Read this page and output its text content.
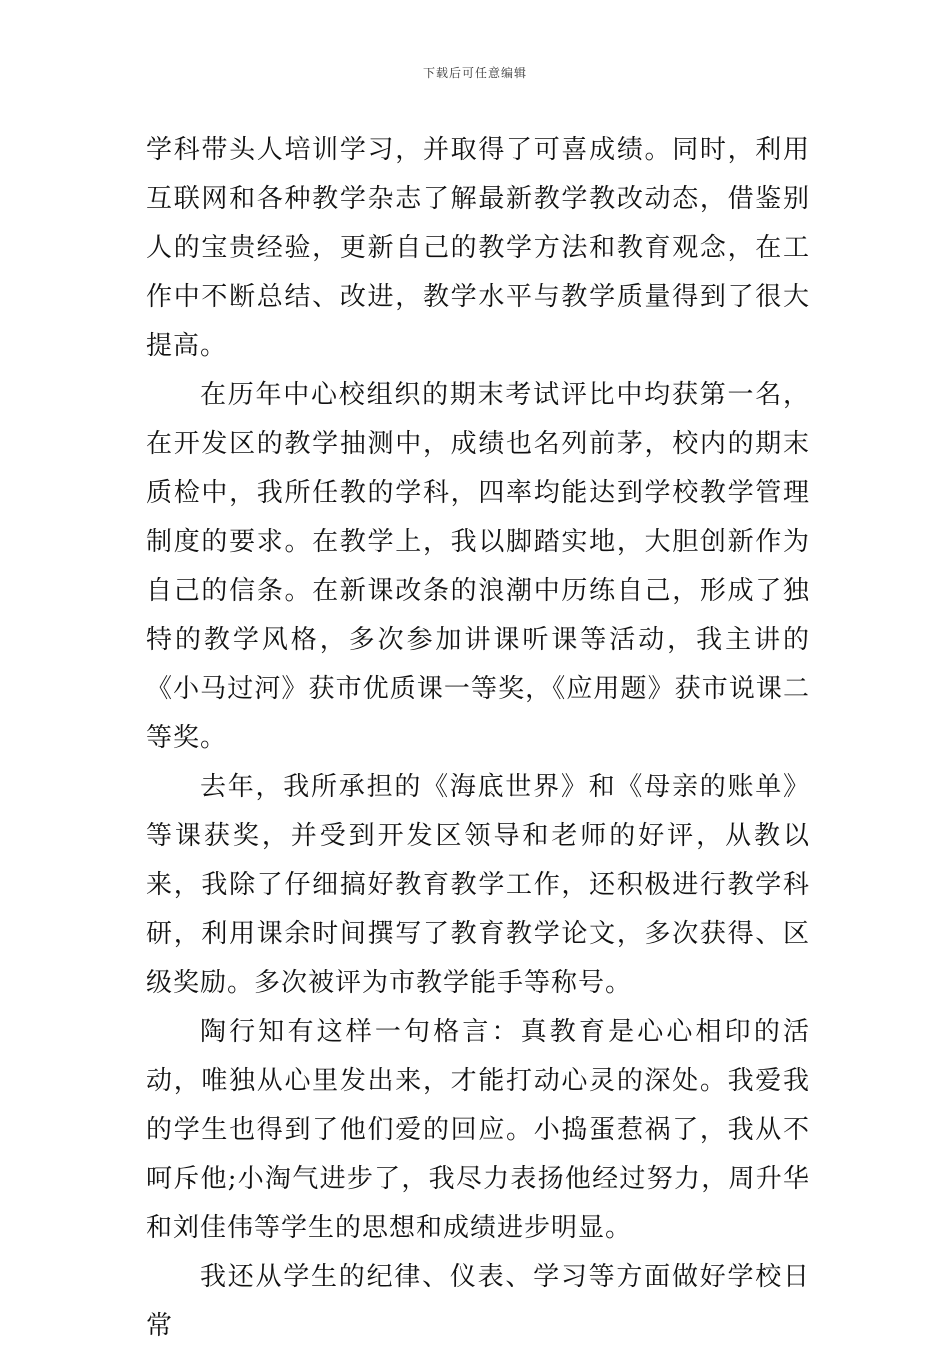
下载后可任意编辑

学科带头人培训学习，并取得了可喜成绩。同时，利用互联网和各种教学杂志了解最新教学教改动态，借鉴别人的宝贵经验，更新自己的教学方法和教育观念，在工作中不断总结、改进，教学水平与教学质量得到了很大提高。

在历年中心校组织的期末考试评比中均获第一名，在开发区的教学抽测中，成绩也名列前茅，校内的期末质检中，我所任教的学科，四率均能达到学校教学管理制度的要求。在教学上，我以脚踏实地，大胆创新作为自己的信条。在新课改条的浪潮中历练自己，形成了独特的教学风格，多次参加讲课听课等活动，我主讲的《小马过河》获市优质课一等奖，《应用题》获市说课二等奖。

去年，我所承担的《海底世界》和《母亲的账单》等课获奖，并受到开发区领导和老师的好评，从教以来，我除了仔细搞好教育教学工作，还积极进行教学科研，利用课余时间撰写了教育教学论文，多次获得、区级奖励。多次被评为市教学能手等称号。

陶行知有这样一句格言：真教育是心心相印的活动，唯独从心里发出来，才能打动心灵的深处。我爱我的学生也得到了他们爱的回应。小捣蛋惹祸了，我从不呵斥他;小淘气进步了，我尽力表扬他经过努力，周升华和刘佳伟等学生的思想和成绩进步明显。

我还从学生的纪律、仪表、学习等方面做好学校日常
